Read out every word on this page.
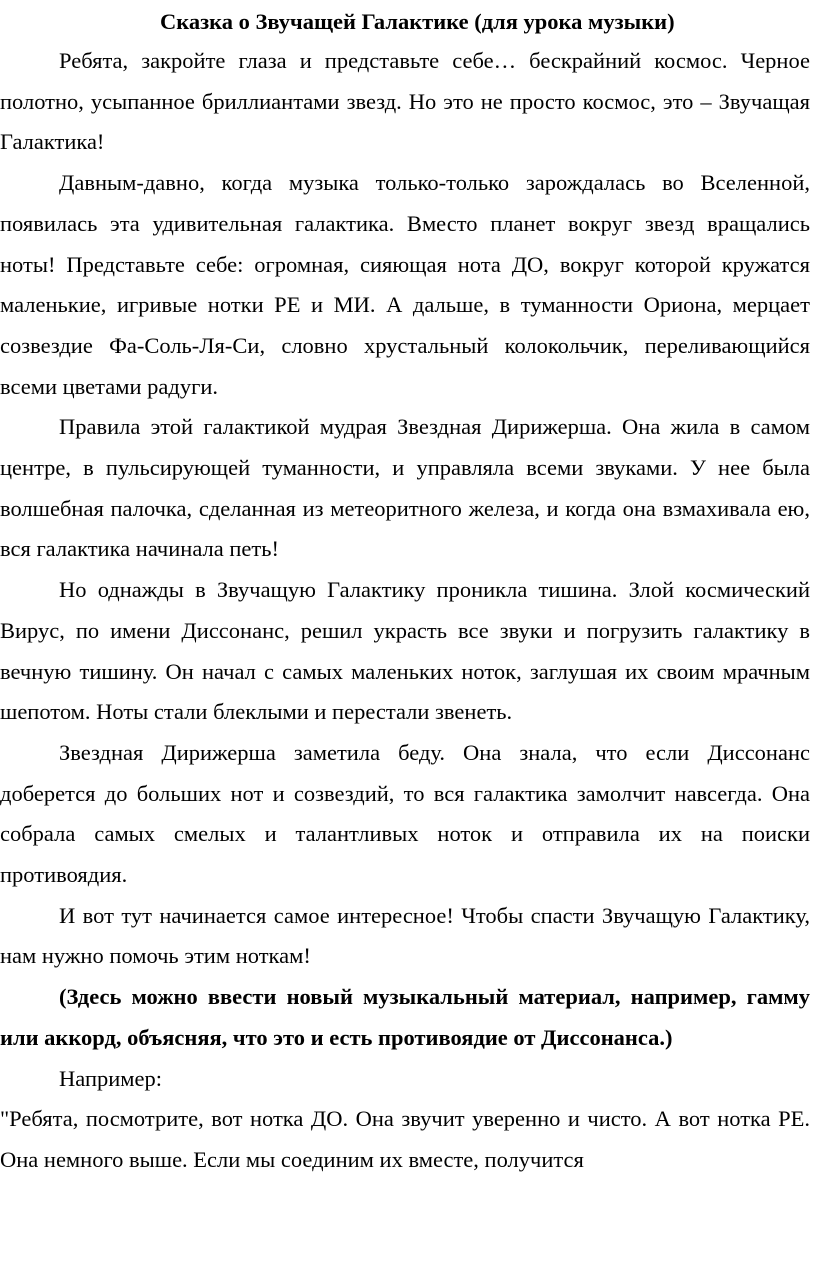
Сказка о Звучащей Галактике (для урока музыки)

Ребята, закройте глаза и представьте себе… бескрайний космос. Черное полотно, усыпанное бриллиантами звезд. Но это не просто космос, это – Звучащая Галактика!

Давным-давно, когда музыка только-только зарождалась во Вселенной, появилась эта удивительная галактика. Вместо планет вокруг звезд вращались ноты! Представьте себе: огромная, сияющая нота ДО, вокруг которой кружатся маленькие, игривые нотки РЕ и МИ. А дальше, в туманности Ориона, мерцает созвездие Фа-Соль-Ля-Си, словно хрустальный колокольчик, переливающийся всеми цветами радуги.

Правила этой галактикой мудрая Звездная Дирижерша. Она жила в самом центре, в пульсирующей туманности, и управляла всеми звуками. У нее была волшебная палочка, сделанная из метеоритного железа, и когда она взмахивала ею, вся галактика начинала петь!

Но однажды в Звучащую Галактику проникла тишина. Злой космический Вирус, по имени Диссонанс, решил украсть все звуки и погрузить галактику в вечную тишину. Он начал с самых маленьких ноток, заглушая их своим мрачным шепотом. Ноты стали блеклыми и перестали звенеть.

Звездная Дирижерша заметила беду. Она знала, что если Диссонанс доберется до больших нот и созвездий, то вся галактика замолчит навсегда. Она собрала самых смелых и талантливых ноток и отправила их на поиски противоядия.

И вот тут начинается самое интересное! Чтобы спасти Звучащую Галактику, нам нужно помочь этим ноткам!

(Здесь можно ввести новый музыкальный материал, например, гамму или аккорд, объясняя, что это и есть противоядие от Диссонанса.)

Например:

"Ребята, посмотрите, вот нотка ДО. Она звучит уверенно и чисто. А вот нотка РЕ. Она немного выше. Если мы соединим их вместе, получится
